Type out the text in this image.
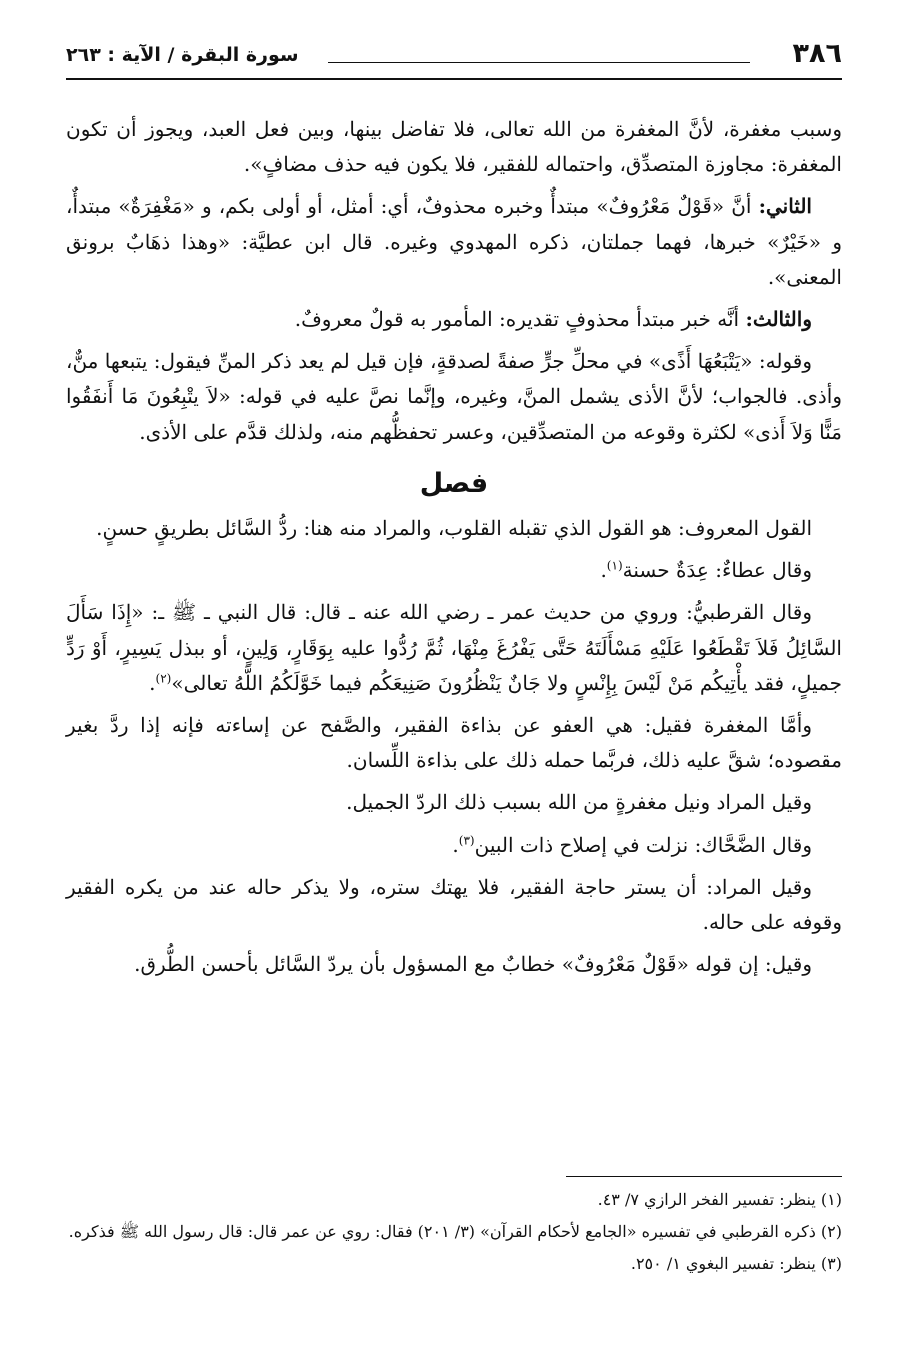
٣٨٦
سورة البقرة / الآية : ٢٦٣

وسبب مغفرة، لأنَّ المغفرة من الله تعالى، فلا تفاضل بينها، وبين فعل العبد، ويجوز أن تكون المغفرة: مجاوزة المتصدِّق، واحتماله للفقير، فلا يكون فيه حذف مضافٍ».

الثاني: أنَّ «قَوْلٌ مَعْرُوفٌ» مبتدأٌ وخبره محذوفٌ، أي: أمثل، أو أولى بكم، و «مَغْفِرَةٌ» مبتدأٌ، و «خَيْرٌ» خبرها، فهما جملتان، ذكره المهدوي وغيره. قال ابن عطيَّة: «وهذا ذهَابٌ برونق المعنى».

والثالث: أنَّه خبر مبتدأ محذوفٍ تقديره: المأمور به قولٌ معروفٌ.

وقوله: «يَتْبَعُهَا أَذًى» في محلِّ جرٍّ صفةً لصدقةٍ، فإن قيل لم يعد ذكر المنِّ فيقول: يتبعها منٌّ، وأذى. فالجواب؛ لأنَّ الأذى يشمل المنَّ، وغيره، وإنَّما نصَّ عليه في قوله: «لاَ يتْبِعُونَ مَا أَنفَقُوا مَنًّا وَلاَ أَذى» لكثرة وقوعه من المتصدِّقين، وعسر تحفظُّهم منه، ولذلك قدَّم على الأذى.

فصل

القول المعروف: هو القول الذي تقبله القلوب، والمراد منه هنا: ردُّ السَّائل بطريقٍ حسنٍ.

وقال عطاءٌ: عِدَةٌ حسنة$^{(١)}$.

وقال القرطبيُّ: وروي من حديث عمر ـ رضي الله عنه ـ قال: قال النبي ـ ﷺ ـ: «إِذَا سَأَلَ السَّائِلُ فَلاَ تَقْطَعُوا عَلَيْهِ مَسْأَلَتَهُ حَتَّى يَفْرُغَ مِنْهَا، ثُمَّ رُدُّوا عليه بِوَقَارٍ، وَلِينٍ، أو ببذل يَسِيرٍ، أَوْ رَدٍّ جميلٍ، فقد يأْتِيكُم مَنْ لَيْسَ بِإِنْسٍ ولا جَانٌ يَنْظُرُونَ صَنِيعَكُم فيما خَوَّلَكُمُ اللَّهُ تعالى»$^{(٢)}$.

وأمَّا المغفرة فقيل: هي العفو عن بذاءة الفقير، والصَّفح عن إساءته فإنه إذا ردَّ بغير مقصوده؛ شقَّ عليه ذلك، فربَّما حمله ذلك على بذاءة اللِّسان.

وقيل المراد ونيل مغفرةٍ من الله بسبب ذلك الردّ الجميل.

وقال الضَّحَّاك: نزلت في إصلاح ذات البين$^{(٣)}$.

وقيل المراد: أن يستر حاجة الفقير، فلا يهتك ستره، ولا يذكر حاله عند من يكره الفقير وقوفه على حاله.

وقيل: إن قوله «قَوْلٌ مَعْرُوفٌ» خطابٌ مع المسؤول بأن يردّ السَّائل بأحسن الطُّرق.

(١) ينظر: تفسير الفخر الرازي ٧/ ٤٣.

(٢) ذكره القرطبي في تفسيره «الجامع لأحكام القرآن» (٣/ ٢٠١) فقال: روي عن عمر قال: قال رسول الله ﷺ فذكره.

(٣) ينظر: تفسير البغوي ١/ ٢٥٠.
